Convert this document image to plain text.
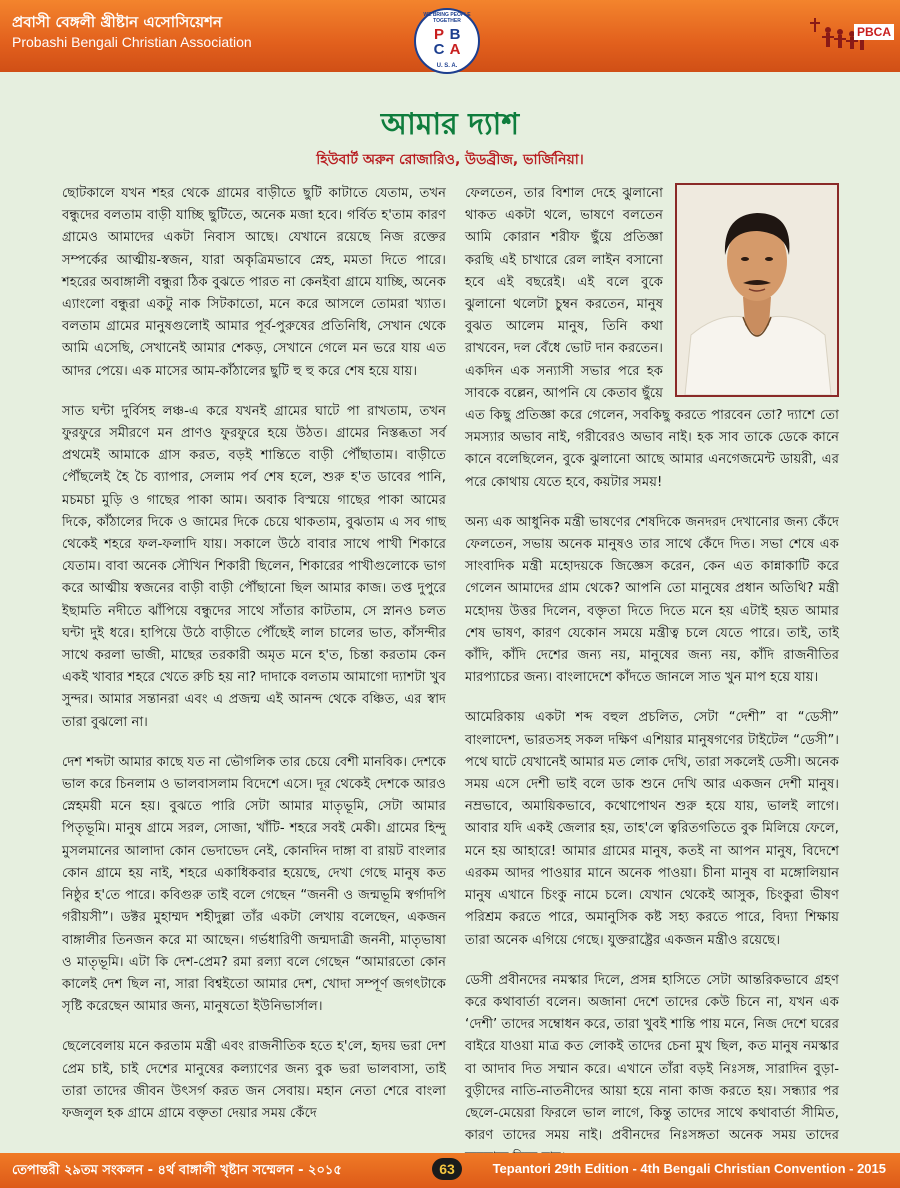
প্রবাসী বেঙ্গলী খ্রীষ্টান এসোসিয়েশন
Probashi Bengali Christian Association
WE BRING PEOPLE TOGETHER
P B
C A
U. S. A.
PBCA
আমার দ্যাশ
হিউবার্ট অরুন রোজারিও, উডব্রীজ, ভার্জিনিয়া।

ছোটকালে যখন শহর থেকে গ্রামের বাড়ীতে ছুটি কাটাতে যেতাম, তখন বন্ধুদের বলতাম বাড়ী যাচ্ছি ছুটিতে, অনেক মজা হবে। গর্বিত হ'তাম কারণ গ্রামেও আমাদের একটা নিবাস আছে। যেখানে রয়েছে নিজ রক্তের সম্পর্কের আত্মীয়-স্বজন, যারা অকৃত্রিমভাবে স্নেহ, মমতা দিতে পারে। শহরের অবাঙ্গালী বন্ধুরা ঠিক বুঝতে পারত না কেনইবা গ্রামে যাচ্ছি, অনেক এ্যাংলো বন্ধুরা একটু নাক সিটকাতো, মনে করে আসলে তোমরা খ্যাত। বলতাম গ্রামের মানুষগুলোই আমার পূর্ব-পুরুষের প্রতিনিধি, সেখান থেকে আমি এসেছি, সেখানেই আমার শেকড়, সেখানে গেলে মন ভরে যায় এত আদর পেয়ে। এক মাসের আম-কাঁঠালের ছুটি হু হু করে শেষ হয়ে যায়।

সাত ঘন্টা দুর্বিসহ লঞ্চ-এ করে যখনই গ্রামের ঘাটে পা রাখতাম, তখন ফুরফুরে সমীরণে মন প্রাণও ফুরফুরে হয়ে উঠত। গ্রামের নিস্তব্ধতা সর্ব প্রথমেই আমাকে গ্রাস করত, বড়ই শান্তিতে বাড়ী পৌঁছাতাম। বাড়ীতে পৌঁছলেই হৈ চৈ ব্যাপার, সেলাম পর্ব শেষ হলে, শুরু হ'ত ডাবের পানি, মচমচা মুড়ি ও গাছের পাকা আম। অবাক বিস্ময়ে গাছের পাকা আমের দিকে, কাঁঠালের দিকে ও জামের দিকে চেয়ে থাকতাম, বুঝতাম এ সব গাছ থেকেই শহরে ফল-ফলাদি যায়। সকালে উঠে বাবার সাথে পাখী শিকারে যেতাম। বাবা অনেক সৌখিন শিকারী ছিলেন, শিকারের পাখীগুলোকে ভাগ করে আত্মীয় স্বজনের বাড়ী বাড়ী পৌঁছানো ছিল আমার কাজ। তপ্ত দুপুরে ইছামতি নদীতে ঝাঁপিয়ে বন্ধুদের সাথে সাঁতার কাটতাম, সে স্নানও চলত ঘন্টা দুই ধরে। হাপিয়ে উঠে বাড়ীতে পৌঁছেই লাল চালের ভাত, কাঁসন্দীর সাথে করলা ভাজী, মাছের তরকারী অমৃত মনে হ'ত, চিন্তা করতাম কেন একই খাবার শহরে খেতে রুচি হয় না? দাদাকে বলতাম আমাগো দ্যাশটা খুব সুন্দর। আমার সন্তানরা এবং এ প্রজন্ম এই আনন্দ থেকে বঞ্চিত, এর স্বাদ তারা বুঝলো না।

দেশ শব্দটা আমার কাছে যত না ভৌগলিক তার চেয়ে বেশী মানবিক। দেশকে ভাল করে চিনলাম ও ভালবাসলাম বিদেশে এসে। দূর থেকেই দেশকে আরও স্নেহময়ী মনে হয়। বুঝতে পারি সেটা আমার মাতৃভূমি, সেটা আমার পিতৃভূমি। মানুষ গ্রামে সরল, সোজা, খাঁটি- শহরে সবই মেকী। গ্রামের হিন্দু মুসলমানের আলাদা কোন ভেদাভেদ নেই, কোনদিন দাঙ্গা বা রায়ট বাংলার কোন গ্রামে হয় নাই, শহরে একাধিকবার হয়েছে, দেখা গেছে মানুষ কত নিষ্ঠুর হ'তে পারে। কবিগুরু তাই বলে গেছেন “জননী ও জন্মভূমি স্বর্গাদপি গরীয়সী”। ডক্টর মুহাম্মদ শহীদুল্লা তাঁর একটা লেখায় বলেছেন, একজন বাঙ্গালীর তিনজন করে মা আছেন। গর্ভধারিণী জন্মদাত্রী জননী, মাতৃভাষা ও মাতৃভূমি। এটা কি দেশ-প্রেম? রমা রল্যা বলে গেছেন “আমারতো কোন কালেই দেশ ছিল না, সারা বিশ্বইতো আমার দেশ, খোদা সম্পূর্ণ জগৎটাকে সৃষ্টি করেছেন আমার জন্য, মানুষতো ইউনিভার্সাল।

ছেলেবেলায় মনে করতাম মন্ত্রী এবং রাজনীতিক হতে হ'লে, হৃদয় ভরা দেশ প্রেম চাই, চাই দেশের মানুষের কল্যাণের জন্য বুক ভরা ভালবাসা, তাই তারা তাদের জীবন উৎসর্গ করত জন সেবায়। মহান নেতা শেরে বাংলা ফজলুল হক গ্রামে গ্রামে বক্তৃতা দেয়ার সময় কেঁদে

ফেলতেন, তার বিশাল দেহে ঝুলানো থাকত একটা থলে, ভাষণে বলতেন আমি কোরান শরীফ ছুঁয়ে প্রতিজ্ঞা করছি এই চাখারে রেল লাইন বসানো হবে এই বছরেই। এই বলে বুকে ঝুলানো থলেটা চুম্বন করতেন, মানুষ বুঝত আলেম মানুষ, তিনি কথা রাখবেন, দল বেঁধে ভোট দান করতেন। একদিন এক সন্যাসী সভার পরে হক সাবকে বল্লেন, আপনি যে কেতাব ছুঁয়ে এত কিছু প্রতিজ্ঞা করে গেলেন, সবকিছু করতে পারবেন তো? দ্যাশে তো সমস্যার অভাব নাই, গরীবেরও অভাব নাই। হক সাব তাকে ডেকে কানে কানে বলেছিলেন, বুকে ঝুলানো আছে আমার এনগেজমেন্ট ডায়রী, এর পরে কোথায় যেতে হবে, কয়টার সময়!

অন্য এক আধুনিক মন্ত্রী ভাষণের শেষদিকে জনদরদ দেখানোর জন্য কেঁদে ফেলতেন, সভায় অনেক মানুষও তার সাথে কেঁদে দিত। সভা শেষে এক সাংবাদিক মন্ত্রী মহোদয়কে জিজ্ঞেস করেন, কেন এত কান্নাকাটি করে গেলেন আমাদের গ্রাম থেকে? আপনি তো মানুষের প্রধান অতিথি? মন্ত্রী মহোদয় উত্তর দিলেন, বক্তৃতা দিতে দিতে মনে হয় এটাই হয়ত আমার শেষ ভাষণ, কারণ যেকোন সময়ে মন্ত্রীত্ব চলে যেতে পারে। তাই, তাই কাঁদি, কাঁদি দেশের জন্য নয়, মানুষের জন্য নয়, কাঁদি রাজনীতির মারপ্যাচের জন্য। বাংলাদেশে কাঁদতে জানলে সাত খুন মাপ হয়ে যায়।

আমেরিকায় একটা শব্দ বহুল প্রচলিত, সেটা “দেশী” বা “ডেসী” বাংলাদেশ, ভারতসহ সকল দক্ষিণ এশিয়ার মানুষগণের টাইটেল “ডেসী”। পথে ঘাটে যেখানেই আমার মত লোক দেখি, তারা সকলেই ডেসী। অনেক সময় এসে দেশী ভাই বলে ডাক শুনে দেখি আর একজন দেশী মানুষ। নম্রভাবে, অমায়িকভাবে, কথোপোথন শুরু হয়ে যায়, ভালই লাগে। আবার যদি একই জেলার হয়, তাহ'লে ত্বরিতগতিতে বুক মিলিয়ে ফেলে, মনে হয় আহারে! আমার গ্রামের মানুষ, কতই না আপন মানুষ, বিদেশে এরকম আদর পাওয়ার মানে অনেক পাওয়া। চীনা মানুষ বা মঙ্গোলিয়ান মানুষ এখানে চিংকু নামে চলে। যেখান থেকেই আসুক, চিংকুরা ভীষণ পরিশ্রম করতে পারে, অমানুসিক কষ্ট সহ্য করতে পারে, বিদ্যা শিক্ষায় তারা অনেক এগিয়ে গেছে। যুক্তরাষ্ট্রের একজন মন্ত্রীও রয়েছে।

ডেসী প্রবীনদের নমস্কার দিলে, প্রসন্ন হাসিতে সেটা আন্তরিকভাবে গ্রহণ করে কথাবার্তা বলেন। অজানা দেশে তাদের কেউ চিনে না, যখন এক ‘দেশী’ তাদের সম্বোধন করে, তারা খুবই শান্তি পায় মনে, নিজ দেশে ঘরের বাইরে যাওয়া মাত্র কত লোকই তাদের চেনা মুখ ছিল, কত মানুষ নমস্কার বা আদাব দিত সম্মান করে। এখানে তাঁরা বড়ই নিঃসঙ্গ, সারাদিন বুড়া-বুড়ীদের নাতি-নাতনীদের আয়া হয়ে নানা কাজ করতে হয়। সন্ধ্যার পর ছেলে-মেয়েরা ফিরলে ভাল লাগে, কিন্তু তাদের সাথে কথাবার্তা সীমিত, কারণ তাদের সময় নাই। প্রবীনদের নিঃসঙ্গতা অনেক সময় তাদের

তেপান্তরী ২৯তম সংকলন - ৪র্থ বাঙ্গালী খৃষ্টান সম্মেলন - ২০১৫	63	Tepantori 29th Edition - 4th Bengali Christian Convention - 2015
